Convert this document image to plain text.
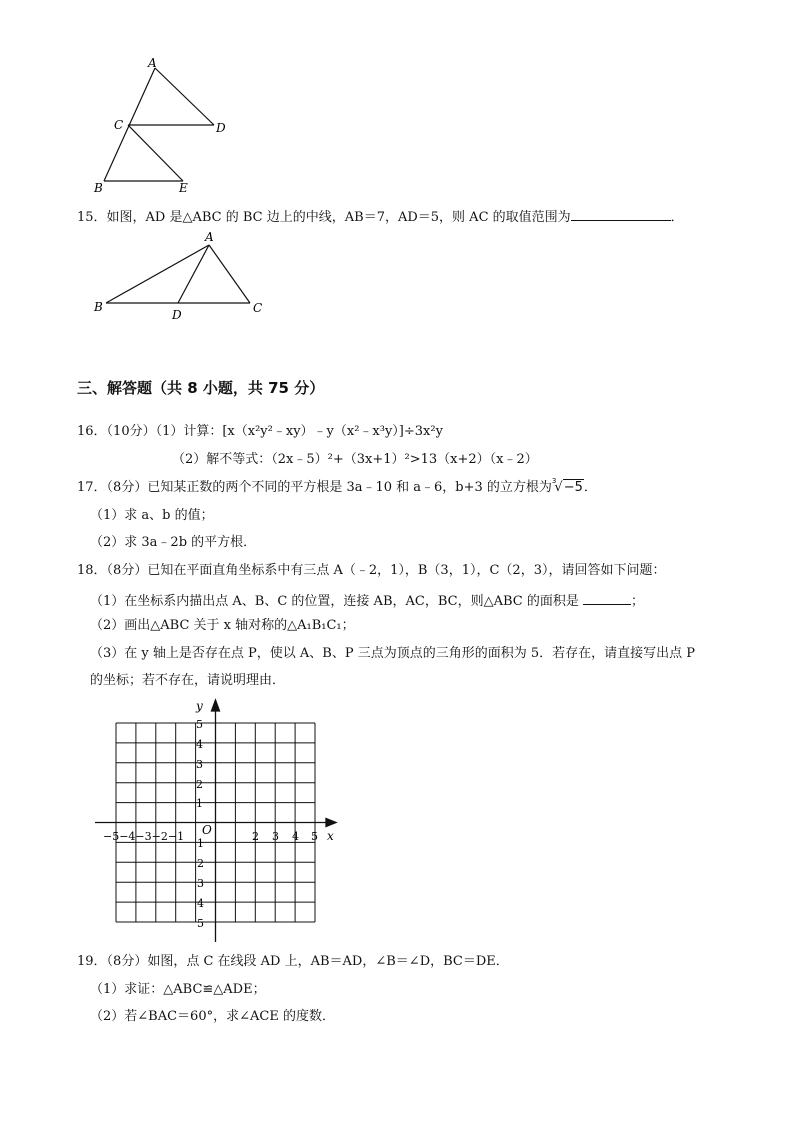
A
C	D
B	E
15．如图，AD 是△ABC 的 BC 边上的中线，AB＝7，AD＝5，则 AC 的取值范围为	．
A
B
D	C
三、解答题（共 8 小题，共 75 分）
16．（10分）（1）计算：[x（x²y²﹣xy）﹣y（x²﹣x³y）]÷3x²y
（2）解不等式：（2x﹣5）²+（3x+1）²>13（x+2）（x﹣2）
17．（8分）已知某正数的两个不同的平方根是 3a﹣10 和 a﹣6，b+3 的立方根为$^3$√−5．
（1）求 a、b 的值；
（2）求 3a﹣2b 的平方根．
18．（8分）已知在平面直角坐标系中有三点 A（﹣2，1），B（3，1），C（2，3），请回答如下问题：
（1）在坐标系内描出点 A、B、C 的位置，连接 AB，AC，BC，则△ABC 的面积是	；
（2）画出△ABC 关于 x 轴对称的△A₁B₁C₁；
（3）在 y 轴上是否存在点 P，使以 A、B、P 三点为顶点的三角形的面积为 5．若存在，请直接写出点 P
的坐标；若不存在，请说明理由．
y
x
O
−5−4−3−2−1
5
4
3
2
1
1
2
3
4
5
2 3 4 5
19．（8分）如图，点 C 在线段 AD 上，AB＝AD，∠B＝∠D，BC＝DE．
（1）求证：△ABC≌△ADE；
（2）若∠BAC＝60°，求∠ACE 的度数．
